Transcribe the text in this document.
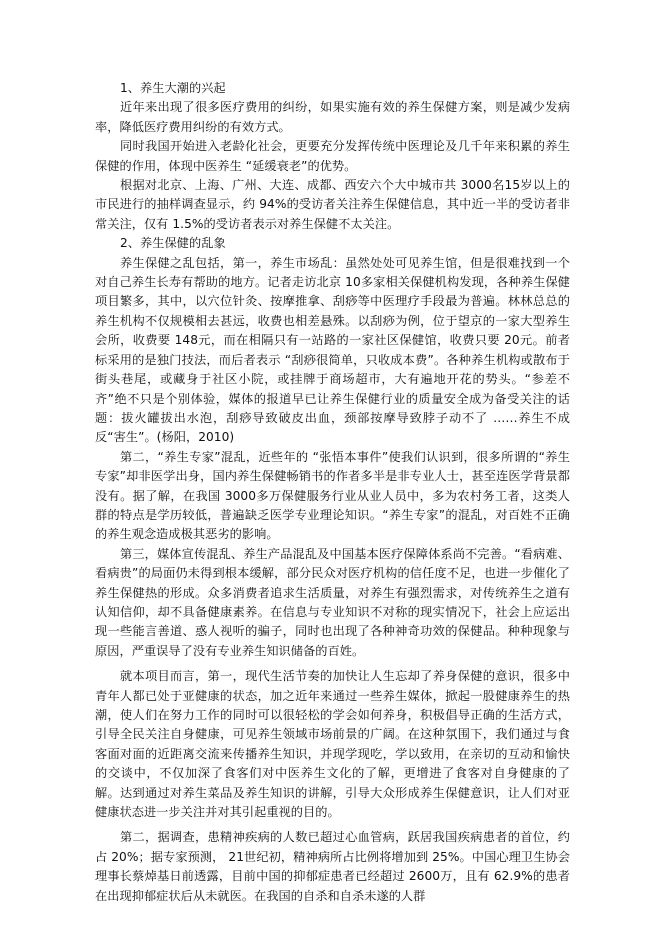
1、养生大潮的兴起

近年来出现了很多医疗费用的纠纷，如果实施有效的养生保健方案，则是减少发病率，降低医疗费用纠纷的有效方式。

同时我国开始进入老龄化社会，更要充分发挥传统中医理论及几千年来积累的养生保健的作用，体现中医养生 “延缓衰老”的优势。

根据对北京、上海、广州、大连、成都、西安六个大中城市共 3000名15岁以上的市民进行的抽样调查显示，约 94%的受访者关注养生保健信息，其中近一半的受访者非常关注，仅有 1.5%的受访者表示对养生保健不太关注。

2、养生保健的乱象

养生保健之乱包括，第一，养生市场乱：虽然处处可见养生馆，但是很难找到一个对自己养生长寿有帮助的地方。记者走访北京 10多家相关保健机构发现，各种养生保健项目繁多，其中，以穴位针灸、按摩推拿、刮痧等中医理疗手段最为普遍。林林总总的养生机构不仅规模相去甚远，收费也相差悬殊。以刮痧为例，位于望京的一家大型养生会所，收费要 148元，而在相隔只有一站路的一家社区保健馆，收费只要 20元。前者标采用的是独门技法，而后者表示 “刮痧很简单，只收成本费”。各种养生机构或散布于街头巷尾，或藏身于社区小院，或挂牌于商场超市，大有遍地开花的势头。“参差不齐”绝不只是个别体验，媒体的报道早已让养生保健行业的质量安全成为备受关注的话题：拔火罐拔出水泡，刮痧导致破皮出血，颈部按摩导致脖子动不了 ……养生不成反“害生”。(杨阳，2010)

第二，“养生专家”混乱，近些年的 “张悟本事件”使我们认识到，很多所谓的“养生专家”却非医学出身，国内养生保健畅销书的作者多半是非专业人士，甚至连医学背景都没有。据了解，在我国 3000多万保健服务行业从业人员中，多为农村务工者，这类人群的特点是学历较低，普遍缺乏医学专业理论知识。“养生专家”的混乱，对百姓不正确的养生观念造成极其恶劣的影响。

第三，媒体宣传混乱、养生产品混乱及中国基本医疗保障体系尚不完善。“看病难、看病贵”的局面仍未得到根本缓解，部分民众对医疗机构的信任度不足，也进一步催化了养生保健热的形成。众多消费者追求生活质量，对养生有强烈需求，对传统养生之道有认知信仰，却不具备健康素养。在信息与专业知识不对称的现实情况下，社会上应运出现一些能言善道、惑人视听的骗子，同时也出现了各种神奇功效的保健品。种种现象与原因，严重误导了没有专业养生知识储备的百姓。

就本项目而言，第一，现代生活节奏的加快让人生忘却了养身保健的意识，很多中青年人都已处于亚健康的状态，加之近年来通过一些养生媒体，掀起一股健康养生的热潮，使人们在努力工作的同时可以很轻松的学会如何养身，积极倡导正确的生活方式，引导全民关注自身健康，可见养生领域市场前景的广阔。在这种氛围下，我们通过与食客面对面的近距离交流来传播养生知识，并现学现吃，学以致用，在亲切的互动和愉快的交谈中，不仅加深了食客们对中医养生文化的了解，更增进了食客对自身健康的了解。达到通过对养生菜品及养生知识的讲解，引导大众形成养生保健意识，让人们对亚健康状态进一步关注并对其引起重视的目的。

第二，据调查，患精神疾病的人数已超过心血管病，跃居我国疾病患者的首位，约占 20%；据专家预测， 21世纪初，精神病所占比例将增加到 25%。中国心理卫生协会理事长蔡焯基日前透露，目前中国的抑郁症患者已经超过 2600万，且有 62.9%的患者在出现抑郁症状后从未就医。在我国的自杀和自杀未遂的人群
